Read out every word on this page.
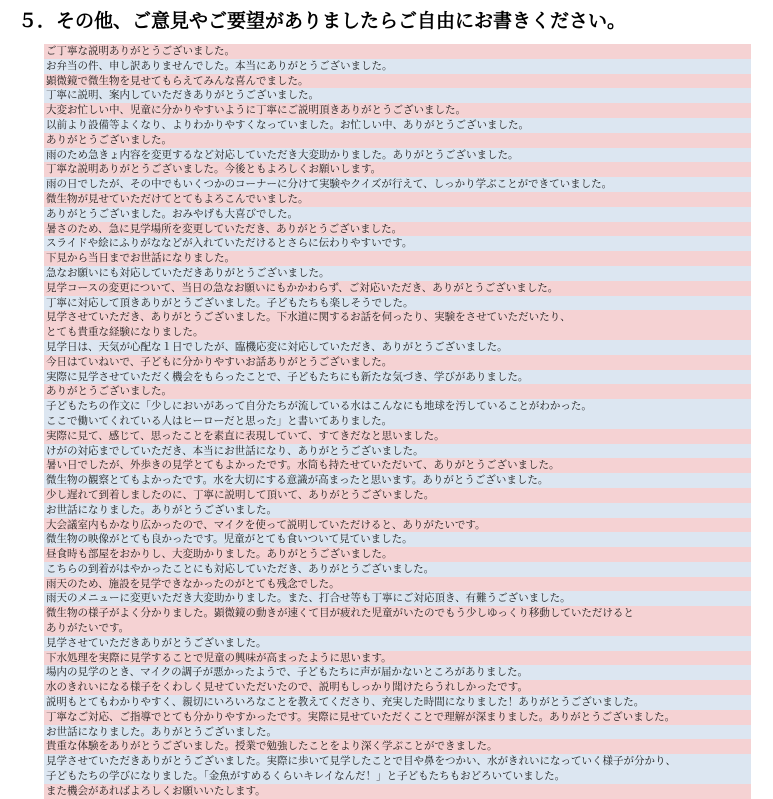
５．その他、ご意見やご要望がありましたらご自由にお書きください。
ご丁寧な説明ありがとうございました。
お弁当の件、申し訳ありませんでした。本当にありがとうございました。
顕微鏡で微生物を見せてもらえてみんな喜んでました。
丁寧に説明、案内していただきありがとうございました。
大変お忙しい中、児童に分かりやすいように丁寧にご説明頂きありがとうございました。
以前より設備等よくなり、よりわかりやすくなっていました。お忙しい中、ありがとうございました。
ありがとうございました。
雨のため急きょ内容を変更するなど対応していただき大変助かりました。ありがとうございました。
丁寧な説明ありがとうございました。今後ともよろしくお願いします。
雨の日でしたが、その中でもいくつかのコーナーに分けて実験やクイズが行えて、しっかり学ぶことができていました。
微生物が見せていただけてとてもよろこんでいました。
ありがとうございました。おみやげも大喜びでした。
暑さのため、急に見学場所を変更していただき、ありがとうございました。
スライドや絵にふりがななどが入れていただけるとさらに伝わりやすいです。
下見から当日までお世話になりました。
急なお願いにも対応していただきありがとうございました。
見学コースの変更について、当日の急なお願いにもかかわらず、ご対応いただき、ありがとうございました。
丁寧に対応して頂きありがとうございました。子どもたちも楽しそうでした。
見学させていただき、ありがとうございました。下水道に関するお話を伺ったり、実験をさせていただいたり、
とても貴重な経験になりました。
見学日は、天気が心配な１日でしたが、臨機応変に対応していただき、ありがとうございました。
今日はていねいで、子どもに分かりやすいお話ありがとうございました。
実際に見学させていただく機会をもらったことで、子どもたちにも新たな気づき、学びがありました。
ありがとうございました。
子どもたちの作文に「少しにおいがあって自分たちが流している水はこんなにも地球を汚していることがわかった。
ここで働いてくれている人はヒーローだと思った」と書いてありました。
実際に見て、感じて、思ったことを素直に表現していて、すてきだなと思いました。
けがの対応までしていただき、本当にお世話になり、ありがとうございました。
暑い日でしたが、外歩きの見学とてもよかったです。水筒も持たせていただいて、ありがとうございました。
微生物の観察とてもよかったです。水を大切にする意識が高まったと思います。ありがとうございました。
少し遅れて到着しましたのに、丁寧に説明して頂いて、ありがとうございました。
お世話になりました。ありがとうございました。
大会議室内もかなり広かったので、マイクを使って説明していただけると、ありがたいです。
微生物の映像がとても良かったです。児童がとても食いついて見ていました。
昼食時も部屋をおかりし、大変助かりました。ありがとうございました。
こちらの到着がはやかったことにも対応していただき、ありがとうございました。
雨天のため、施設を見学できなかったのがとても残念でした。
雨天のメニューに変更いただき大変助かりました。また、打合せ等も丁寧にご対応頂き、有難うございました。
微生物の様子がよく分かりました。顕微鏡の動きが速くて目が疲れた児童がいたのでもう少しゆっくり移動していただけると
ありがたいです。
見学させていただきありがとうございました。
下水処理を実際に見学することで児童の興味が高まったように思います。
場内の見学のとき、マイクの調子が悪かったようで、子どもたちに声が届かないところがありました。
水のきれいになる様子をくわしく見せていただいたので、説明もしっかり聞けたらうれしかったです。
説明もとてもわかりやすく、親切にいろいろなことを教えてくださり、充実した時間になりました！ありがとうございました。
丁寧なご対応、ご指導でとても分かりやすかったです。実際に見せていただくことで理解が深まりました。ありがとうございました。
お世話になりました。ありがとうございました。
貴重な体験をありがとうございました。授業で勉強したことをより深く学ぶことができました。
見学させていただきありがとうございました。実際に歩いて見学したことで目や鼻をつかい、水がきれいになっていく様子が分かり、
子どもたちの学びになりました。「金魚がすめるくらいキレイなんだ！」と子どもたちもおどろいていました。
また機会があればよろしくお願いいたします。
